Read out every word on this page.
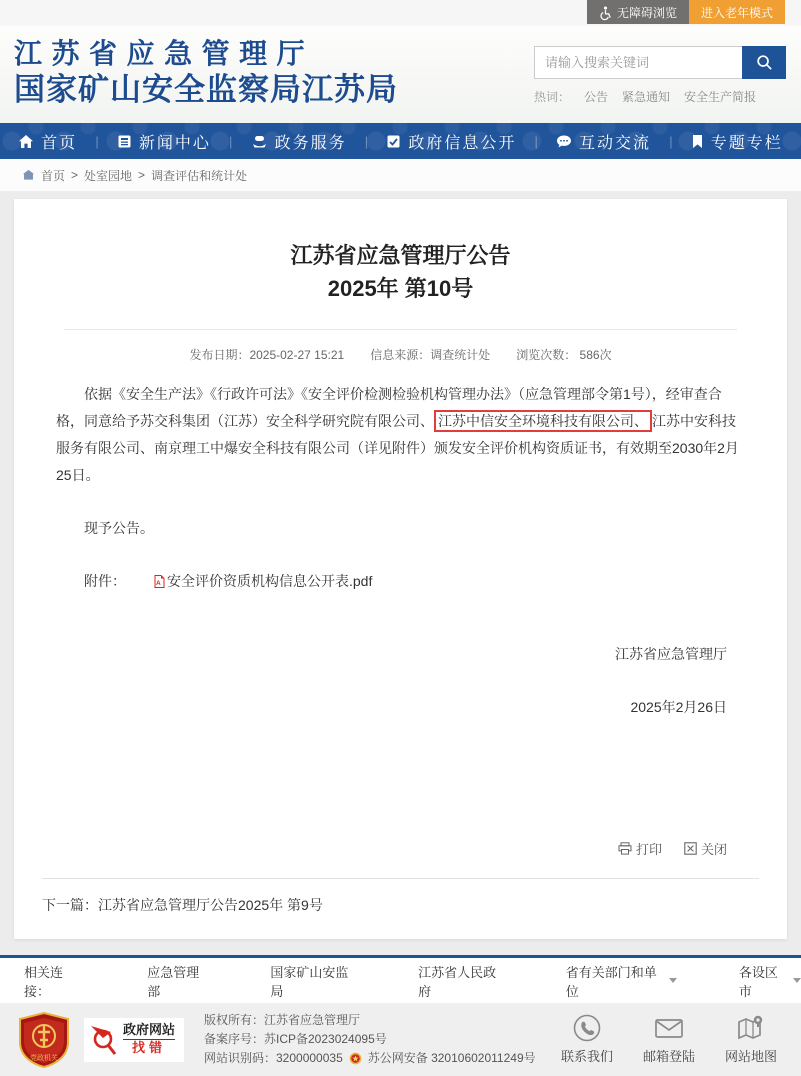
无障碍浏览 进入老年模式
江苏省应急管理厅
国家矿山安全监察局江苏局
请输入搜索关键词	热词： 公告 紧急通知 安全生产简报
首页 |	新闻中心 |	政务服务 |	政府信息公开 |	互动交流 | 专题专栏
首页 > 处室园地 > 调查评估和统计处
江苏省应急管理厅公告
2025年 第10号
发布日期：2025-02-27 15:21 信息来源：调查统计处 浏览次数： 586次

依据《安全生产法》《行政许可法》《安全评价检测检验机构管理办法》（应急管理部令第1号），经审查合格，同意给予苏交科集团（江苏）安全科学研究院有限公司、 江苏中信安全环境科技有限公司、 江苏中安科技服务有限公司、南京理工中爆安全科技有限公司（详见附件）颁发安全评价机构资质证书，有效期至2030年2月25日。

现予公告。

附件：	A 安全评价资质机构信息公开表.pdf

江苏省应急管理厅
2025年2月26日
打印	关闭
下一篇：江苏省应急管理厅公告2025年 第9号
相关连接：
应急管理部
国家矿山安监局
江苏省人民政府
省有关部门和单位
各设区市
党政机关
政府网站
找错
版权所有：江苏省应急管理厅
备案序号：苏ICP备2023024095号
网站识别码：3200000035 苏公网安备 32010602011249号 联系我们 邮箱登陆 网站地图
